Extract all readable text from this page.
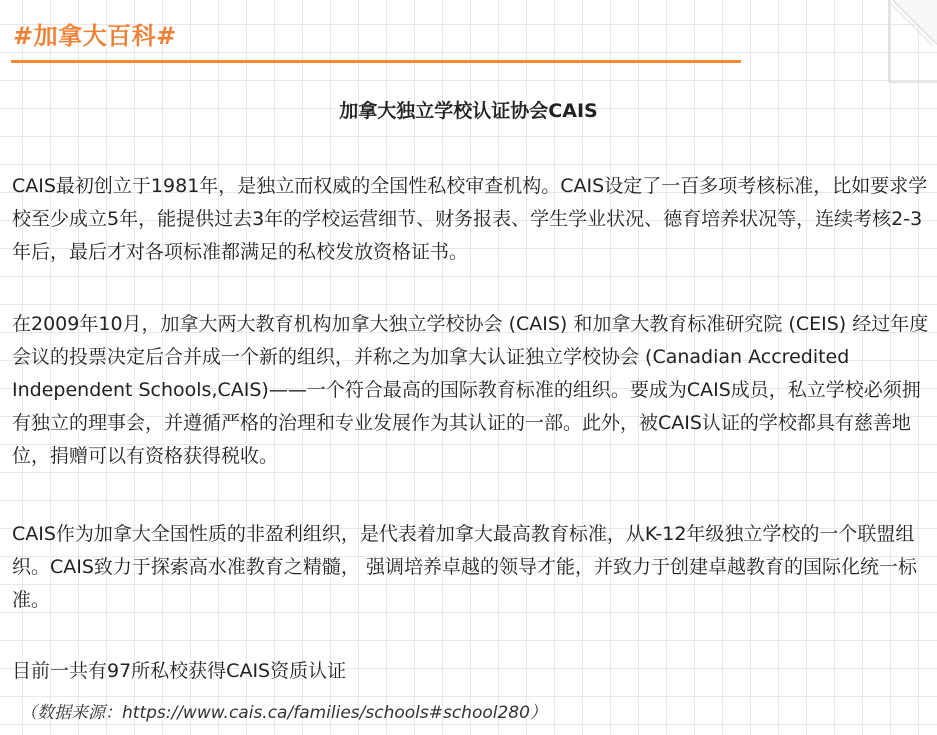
#加拿大百科#
加拿大独立学校认证协会CAIS

CAIS最初创立于1981年，是独立而权威的全国性私校审查机构。CAIS设定了一百多项考核标准，比如要求学校至少成立5年，能提供过去3年的学校运营细节、财务报表、学生学业状况、德育培养状况等，连续考核2-3年后，最后才对各项标准都满足的私校发放资格证书。

在2009年10月，加拿大两大教育机构加拿大独立学校协会 (CAIS) 和加拿大教育标准研究院 (CEIS) 经过年度会议的投票决定后合并成一个新的组织，并称之为加拿大认证独立学校协会 (Canadian Accredited Independent Schools,CAIS)——一个符合最高的国际教育标准的组织。要成为CAIS成员，私立学校必须拥有独立的理事会，并遵循严格的治理和专业发展作为其认证的一部。此外，被CAIS认证的学校都具有慈善地位，捐赠可以有资格获得税收。

CAIS作为加拿大全国性质的非盈利组织，是代表着加拿大最高教育标准，从K-12年级独立学校的一个联盟组织。CAIS致力于探索高水准教育之精髓， 强调培养卓越的领导才能，并致力于创建卓越教育的国际化统一标准。

目前一共有97所私校获得CAIS资质认证

（数据来源：https://www.cais.ca/families/schools#school280）
